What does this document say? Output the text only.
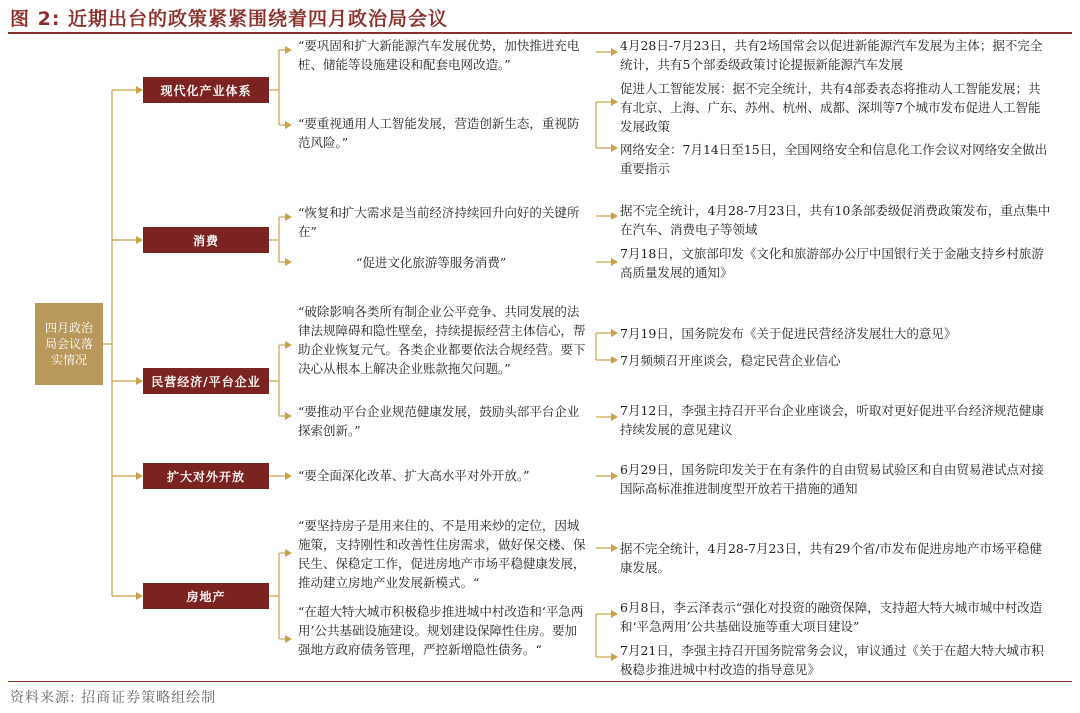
图 2: 近期出台的政策紧紧围绕着四月政治局会议
四月政治局会议落实情况
现代化产业体系
消费
民营经济/平台企业
扩大对外开放
房地产
“要巩固和扩大新能源汽车发展优势，加快推进充电桩、储能等设施建设和配套电网改造。”
“要重视通用人工智能发展，营造创新生态，重视防范风险。”
“恢复和扩大需求是当前经济持续回升向好的关键所在”
“促进文化旅游等服务消费”
“破除影响各类所有制企业公平竞争、共同发展的法律法规障碍和隐性壁垒，持续提振经营主体信心，帮助企业恢复元气。各类企业都要依法合规经营。要下决心从根本上解决企业账款拖欠问题。”
“要推动平台企业规范健康发展，鼓励头部平台企业探索创新。”
“要全面深化改革、扩大高水平对外开放。”
“要坚持房子是用来住的、不是用来炒的定位，因城施策，支持刚性和改善性住房需求，做好保交楼、保民生、保稳定工作，促进房地产市场平稳健康发展，推动建立房地产业发展新模式。“
“在超大特大城市积极稳步推进城中村改造和‘平急两用’公共基础设施建设。规划建设保障性住房。要加强地方政府债务管理，严控新增隐性债务。“
4月28日-7月23日，共有2场国常会以促进新能源汽车发展为主体；据不完全统计，共有5个部委级政策讨论提振新能源汽车发展
促进人工智能发展：据不完全统计，共有4部委表态将推动人工智能发展；共有北京、上海、广东、苏州、杭州、成都、深圳等7个城市发布促进人工智能发展政策
网络安全：7月14日至15日，全国网络安全和信息化工作会议对网络安全做出重要指示
据不完全统计，4月28-7月23日，共有10条部委级促消费政策发布，重点集中在汽车、消费电子等领域
7月18日，文旅部印发《文化和旅游部办公厅中国银行关于金融支持乡村旅游高质量发展的通知》
7月19日，国务院发布《关于促进民营经济发展壮大的意见》
7月频频召开座谈会，稳定民营企业信心
7月12日，李强主持召开平台企业座谈会，听取对更好促进平台经济规范健康持续发展的意见建议
6月29日，国务院印发关于在有条件的自由贸易试验区和自由贸易港试点对接国际高标准推进制度型开放若干措施的通知
据不完全统计，4月28-7月23日，共有29个省/市发布促进房地产市场平稳健康发展。
6月8日，李云泽表示“强化对投资的融资保障，支持超大特大城市城中村改造和‘平急两用’公共基础设施等重大项目建设”
7月21日，李强主持召开国务院常务会议，审议通过《关于在超大特大城市积极稳步推进城中村改造的指导意见》
资料来源: 招商证券策略组绘制
